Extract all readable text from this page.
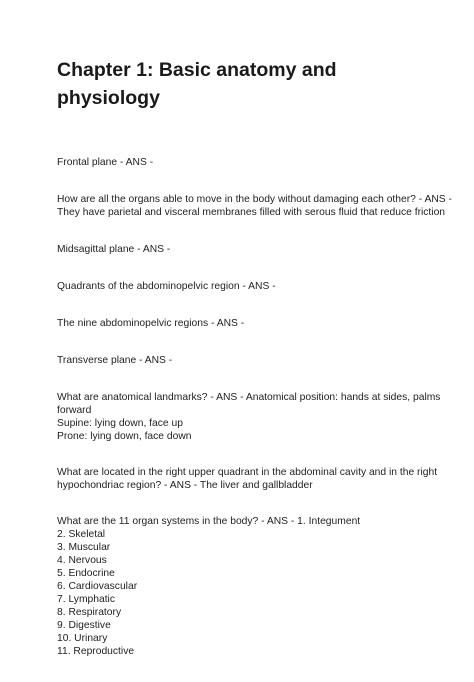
Chapter 1: Basic anatomy and
physiology
Frontal plane - ANS -
How are all the organs able to move in the body without damaging each other? - ANS -
They have parietal and visceral membranes filled with serous fluid that reduce friction
Midsagittal plane - ANS -
Quadrants of the abdominopelvic region - ANS -
The nine abdominopelvic regions - ANS -
Transverse plane - ANS -
What are anatomical landmarks? - ANS - Anatomical position: hands at sides, palms
forward
Supine: lying down, face up
Prone: lying down, face down
What are located in the right upper quadrant in the abdominal cavity and in the right
hypochondriac region? - ANS - The liver and gallbladder
What are the 11 organ systems in the body? - ANS - 1. Integument
2. Skeletal
3. Muscular
4. Nervous
5. Endocrine
6. Cardiovascular
7. Lymphatic
8. Respiratory
9. Digestive
10. Urinary
11. Reproductive
